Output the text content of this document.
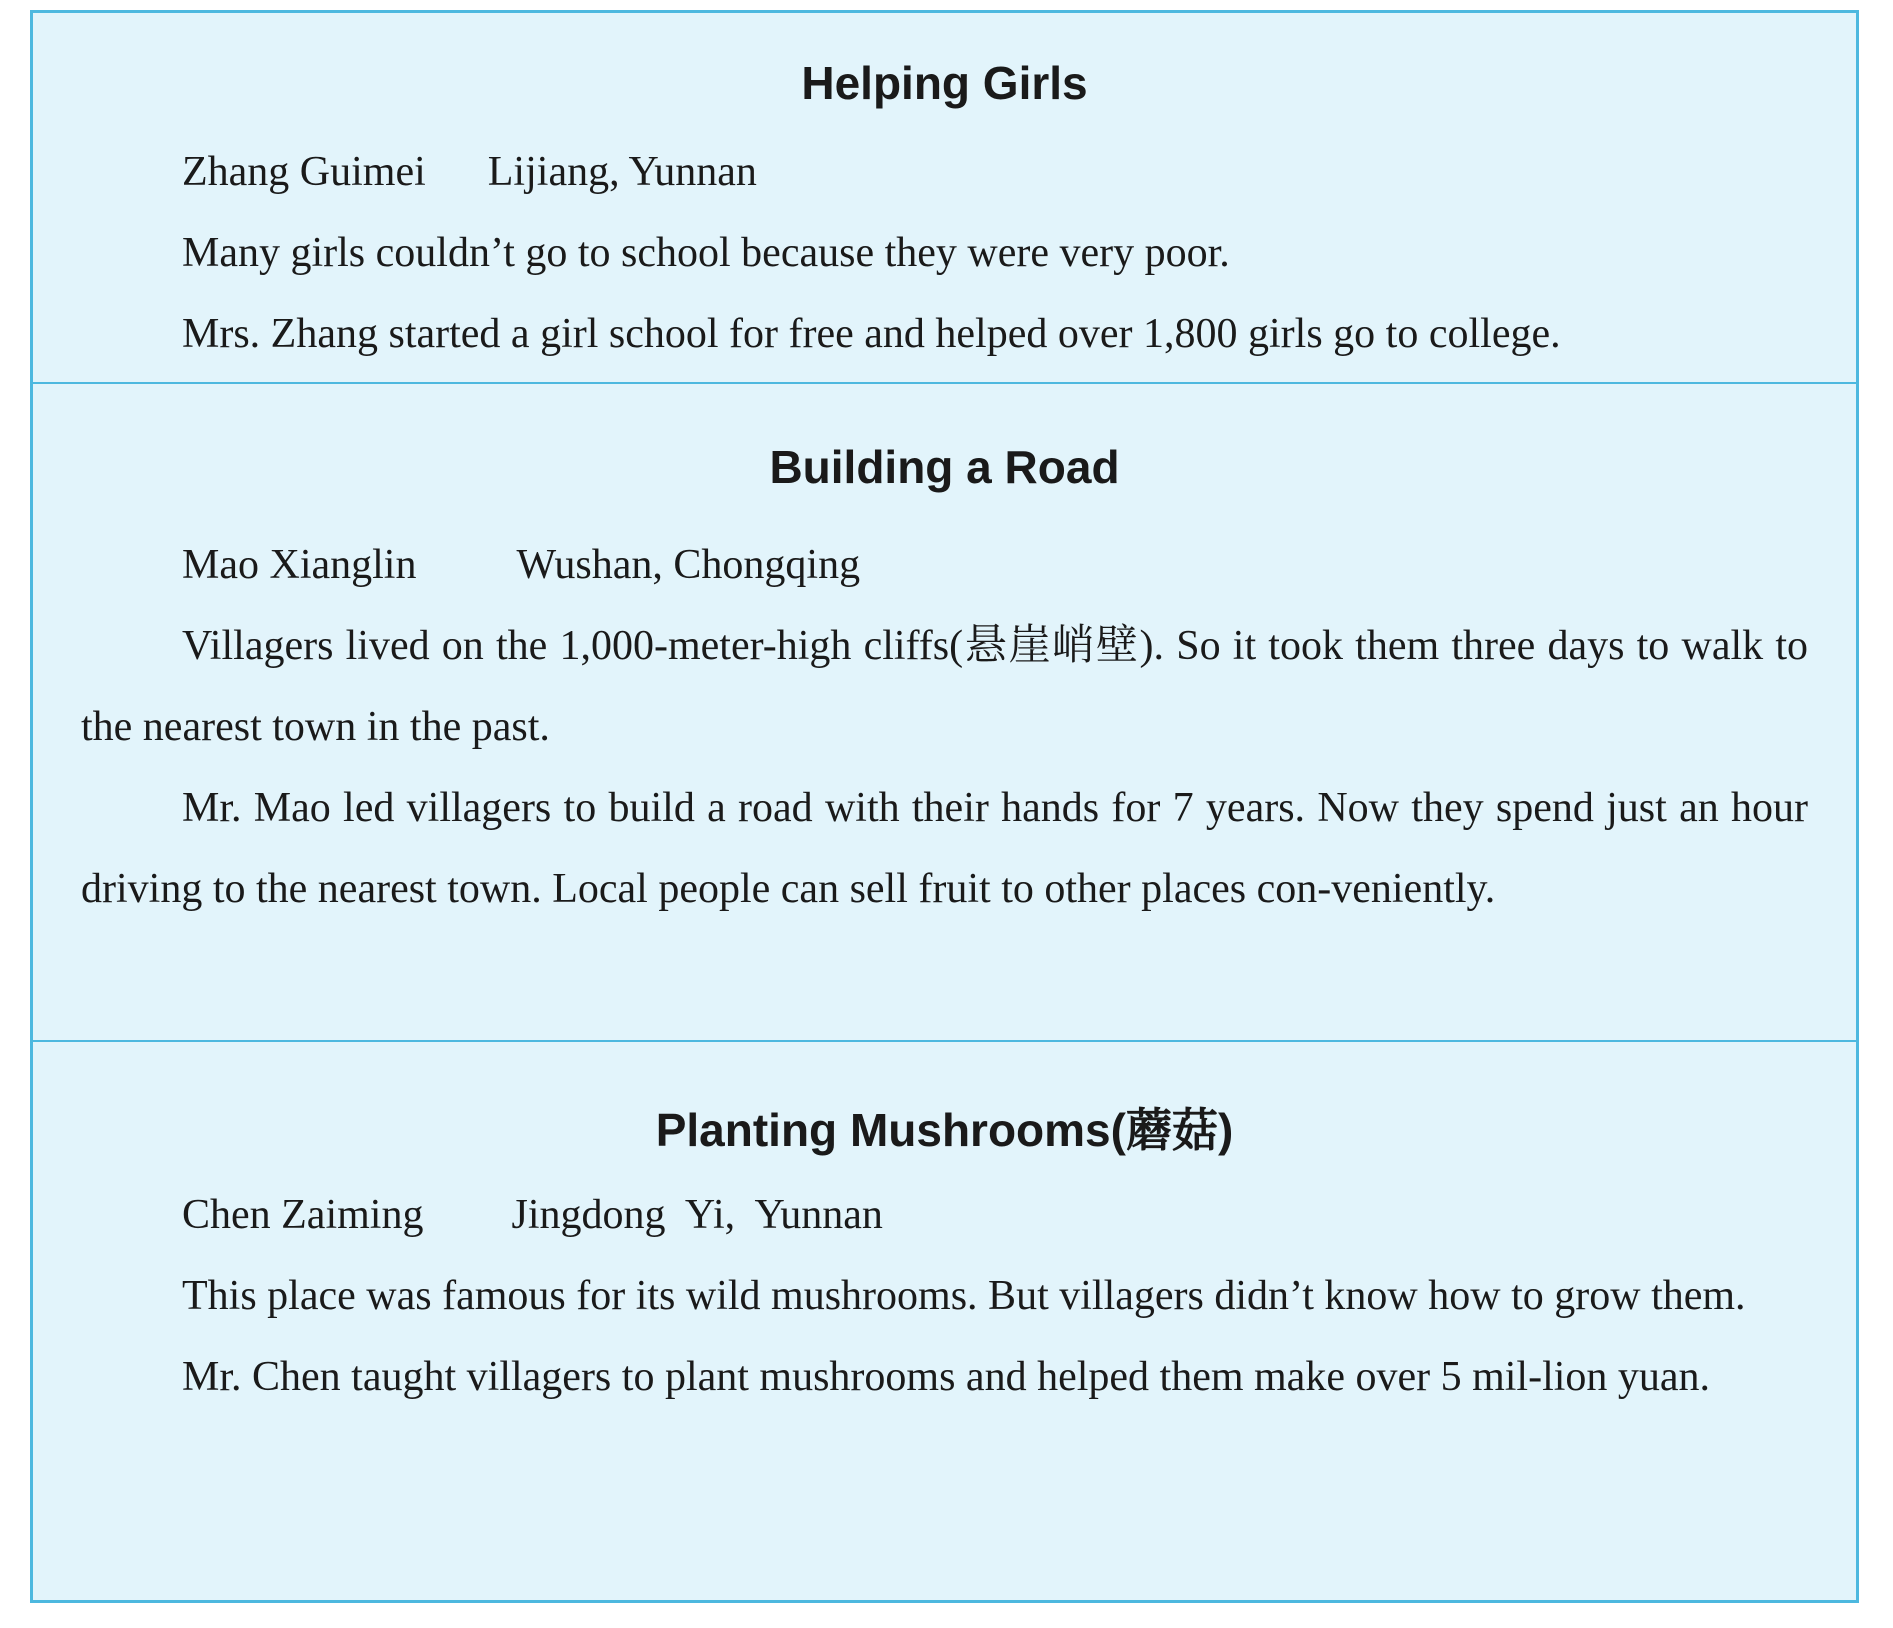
Helping Girls

Zhang Guimei Lijiang, Yunnan

Many girls couldn’t go to school because they were very poor.

Mrs. Zhang started a girl school for free and helped over 1,800 girls go to college.

Building a Road

Mao Xianglin Wushan, Chongqing

Villagers lived on the 1,000-meter-high cliffs(悬崖峭壁). So it took them three days to walk to the nearest town in the past.

Mr. Mao led villagers to build a road with their hands for 7 years. Now they spend just an hour driving to the nearest town. Local people can sell fruit to other places con-veniently.

Planting Mushrooms(蘑菇)

Chen Zaiming Jingdong  Yi,  Yunnan

This place was famous for its wild mushrooms. But villagers didn’t know how to grow them.

Mr. Chen taught villagers to plant mushrooms and helped them make over 5 mil-lion yuan.
